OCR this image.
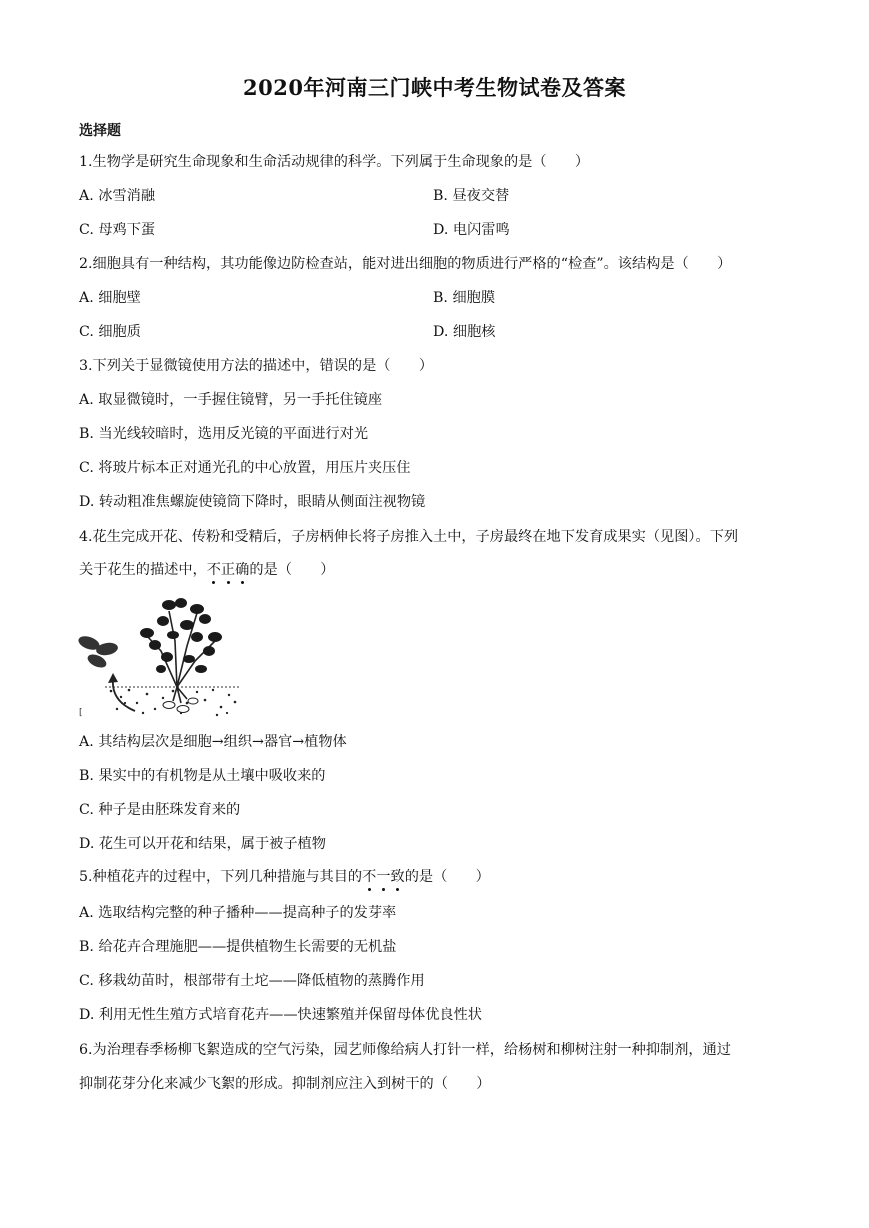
2020年河南三门峡中考生物试卷及答案
选择题
1.生物学是研究生命现象和生命活动规律的科学。下列属于生命现象的是（　　）
A. 冰雪消融	B. 昼夜交替
C. 母鸡下蛋	D. 电闪雷鸣
2.细胞具有一种结构，其功能像边防检查站，能对进出细胞的物质进行严格的“检查”。该结构是（　　）
A. 细胞壁	B. 细胞膜
C. 细胞质	D. 细胞核
3.下列关于显微镜使用方法的描述中，错误的是（　　）
A. 取显微镜时，一手握住镜臂，另一手托住镜座
B. 当光线较暗时，选用反光镜的平面进行对光
C. 将玻片标本正对通光孔的中心放置，用压片夹压住
D. 转动粗准焦螺旋使镜筒下降时，眼睛从侧面注视物镜
4.花生完成开花、传粉和受精后，子房柄伸长将子房推入土中，子房最终在地下发育成果实（见图）。下列
关于花生的描述中，不正确的是（　　）
[
A. 其结构层次是细胞→组织→器官→植物体
B. 果实中的有机物是从土壤中吸收来的
C. 种子是由胚珠发育来的
D. 花生可以开花和结果，属于被子植物
5.种植花卉的过程中，下列几种措施与其目的不一致的是（　　）
A. 选取结构完整的种子播种——提高种子的发芽率
B. 给花卉合理施肥——提供植物生长需要的无机盐
C. 移栽幼苗时，根部带有土坨——降低植物的蒸腾作用
D. 利用无性生殖方式培育花卉——快速繁殖并保留母体优良性状
6.为治理春季杨柳飞絮造成的空气污染，园艺师像给病人打针一样，给杨树和柳树注射一种抑制剂，通过
抑制花芽分化来减少飞絮的形成。抑制剂应注入到树干的（　　）
